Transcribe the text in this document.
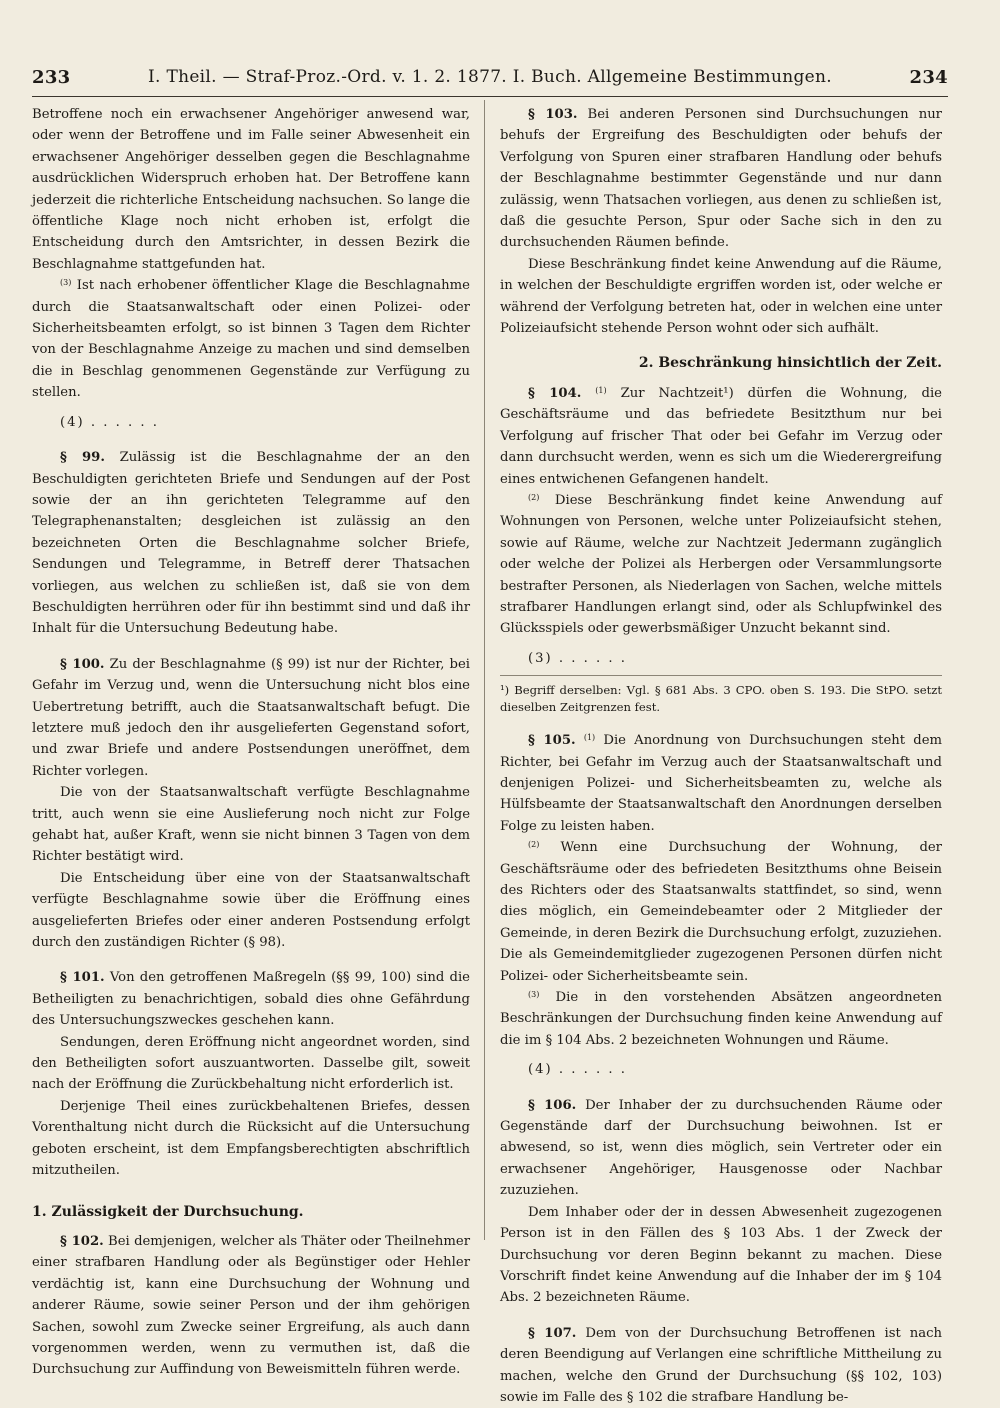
233	I. Theil. — Straf-Proz.-Ord. v. 1. 2. 1877. I. Buch. Allgemeine Bestimmungen.	234

Betroffene noch ein erwachsener Angehöriger anwesend war, oder wenn der Betroffene und im Falle seiner Abwesenheit ein erwachsener Angehöriger desselben gegen die Beschlagnahme ausdrücklichen Widerspruch erhoben hat. Der Betroffene kann jederzeit die richterliche Entscheidung nachsuchen. So lange die öffentliche Klage noch nicht erhoben ist, erfolgt die Entscheidung durch den Amtsrichter, in dessen Bezirk die Beschlagnahme stattgefunden hat.

$^{(3)}$ Ist nach erhobener öffentlicher Klage die Beschlagnahme durch die Staatsanwaltschaft oder einen Polizei- oder Sicherheitsbeamten erfolgt, so ist binnen 3 Tagen dem Richter von der Beschlagnahme Anzeige zu machen und sind demselben die in Beschlag genommenen Gegenstände zur Verfügung zu stellen.

(4) . . . . . .

§ 99. Zulässig ist die Beschlagnahme der an den Beschuldigten gerichteten Briefe und Sendungen auf der Post sowie der an ihn gerichteten Telegramme auf den Telegraphenanstalten; desgleichen ist zulässig an den bezeichneten Orten die Beschlagnahme solcher Briefe, Sendungen und Telegramme, in Betreff derer Thatsachen vorliegen, aus welchen zu schließen ist, daß sie von dem Beschuldigten herrühren oder für ihn bestimmt sind und daß ihr Inhalt für die Untersuchung Bedeutung habe.

§ 100. Zu der Beschlagnahme (§ 99) ist nur der Richter, bei Gefahr im Verzug und, wenn die Untersuchung nicht blos eine Uebertretung betrifft, auch die Staatsanwaltschaft befugt. Die letztere muß jedoch den ihr ausgelieferten Gegenstand sofort, und zwar Briefe und andere Postsendungen uneröffnet, dem Richter vorlegen.

Die von der Staatsanwaltschaft verfügte Beschlagnahme tritt, auch wenn sie eine Auslieferung noch nicht zur Folge gehabt hat, außer Kraft, wenn sie nicht binnen 3 Tagen von dem Richter bestätigt wird.

Die Entscheidung über eine von der Staatsanwaltschaft verfügte Beschlagnahme sowie über die Eröffnung eines ausgelieferten Briefes oder einer anderen Postsendung erfolgt durch den zuständigen Richter (§ 98).

§ 101. Von den getroffenen Maßregeln (§§ 99, 100) sind die Betheiligten zu benachrichtigen, sobald dies ohne Gefährdung des Untersuchungszweckes geschehen kann.

Sendungen, deren Eröffnung nicht angeordnet worden, sind den Betheiligten sofort auszuantworten. Dasselbe gilt, soweit nach der Eröffnung die Zurückbehaltung nicht erforderlich ist.

Derjenige Theil eines zurückbehaltenen Briefes, dessen Vorenthaltung nicht durch die Rücksicht auf die Untersuchung geboten erscheint, ist dem Empfangsberechtigten abschriftlich mitzutheilen.

1. Zulässigkeit der Durchsuchung.

§ 102. Bei demjenigen, welcher als Thäter oder Theilnehmer einer strafbaren Handlung oder als Begünstiger oder Hehler verdächtig ist, kann eine Durchsuchung der Wohnung und anderer Räume, sowie seiner Person und der ihm gehörigen Sachen, sowohl zum Zwecke seiner Ergreifung, als auch dann vorgenommen werden, wenn zu vermuthen ist, daß die Durchsuchung zur Auffindung von Beweismitteln führen werde.

§ 103. Bei anderen Personen sind Durchsuchungen nur behufs der Ergreifung des Beschuldigten oder behufs der Verfolgung von Spuren einer strafbaren Handlung oder behufs der Beschlagnahme bestimmter Gegenstände und nur dann zulässig, wenn Thatsachen vorliegen, aus denen zu schließen ist, daß die gesuchte Person, Spur oder Sache sich in den zu durchsuchenden Räumen befinde.

Diese Beschränkung findet keine Anwendung auf die Räume, in welchen der Beschuldigte ergriffen worden ist, oder welche er während der Verfolgung betreten hat, oder in welchen eine unter Polizeiaufsicht stehende Person wohnt oder sich aufhält.

2. Beschränkung hinsichtlich der Zeit.

§ 104. $^{(1)}$ Zur Nachtzeit¹) dürfen die Wohnung, die Geschäftsräume und das befriedete Besitzthum nur bei Verfolgung auf frischer That oder bei Gefahr im Verzug oder dann durchsucht werden, wenn es sich um die Wiederergreifung eines entwichenen Gefangenen handelt.

$^{(2)}$ Diese Beschränkung findet keine Anwendung auf Wohnungen von Personen, welche unter Polizeiaufsicht stehen, sowie auf Räume, welche zur Nachtzeit Jedermann zugänglich oder welche der Polizei als Herbergen oder Versammlungsorte bestrafter Personen, als Niederlagen von Sachen, welche mittels strafbarer Handlungen erlangt sind, oder als Schlupfwinkel des Glücksspiels oder gewerbsmäßiger Unzucht bekannt sind.

(3) . . . . . .

¹) Begriff derselben: Vgl. § 681 Abs. 3 CPO. oben S. 193. Die StPO. setzt dieselben Zeitgrenzen fest.

§ 105. $^{(1)}$ Die Anordnung von Durchsuchungen steht dem Richter, bei Gefahr im Verzug auch der Staatsanwaltschaft und denjenigen Polizei- und Sicherheitsbeamten zu, welche als Hülfsbeamte der Staatsanwaltschaft den Anordnungen derselben Folge zu leisten haben.

$^{(2)}$ Wenn eine Durchsuchung der Wohnung, der Geschäftsräume oder des befriedeten Besitzthums ohne Beisein des Richters oder des Staatsanwalts stattfindet, so sind, wenn dies möglich, ein Gemeindebeamter oder 2 Mitglieder der Gemeinde, in deren Bezirk die Durchsuchung erfolgt, zuzuziehen. Die als Gemeindemitglieder zugezogenen Personen dürfen nicht Polizei- oder Sicherheitsbeamte sein.

$^{(3)}$ Die in den vorstehenden Absätzen angeordneten Beschränkungen der Durchsuchung finden keine Anwendung auf die im § 104 Abs. 2 bezeichneten Wohnungen und Räume.

(4) . . . . . .

§ 106. Der Inhaber der zu durchsuchenden Räume oder Gegenstände darf der Durchsuchung beiwohnen. Ist er abwesend, so ist, wenn dies möglich, sein Vertreter oder ein erwachsener Angehöriger, Hausgenosse oder Nachbar zuzuziehen.

Dem Inhaber oder der in dessen Abwesenheit zugezogenen Person ist in den Fällen des § 103 Abs. 1 der Zweck der Durchsuchung vor deren Beginn bekannt zu machen. Diese Vorschrift findet keine Anwendung auf die Inhaber der im § 104 Abs. 2 bezeichneten Räume.

§ 107. Dem von der Durchsuchung Betroffenen ist nach deren Beendigung auf Verlangen eine schriftliche Mittheilung zu machen, welche den Grund der Durchsuchung (§§ 102, 103) sowie im Falle des § 102 die strafbare Handlung be-
